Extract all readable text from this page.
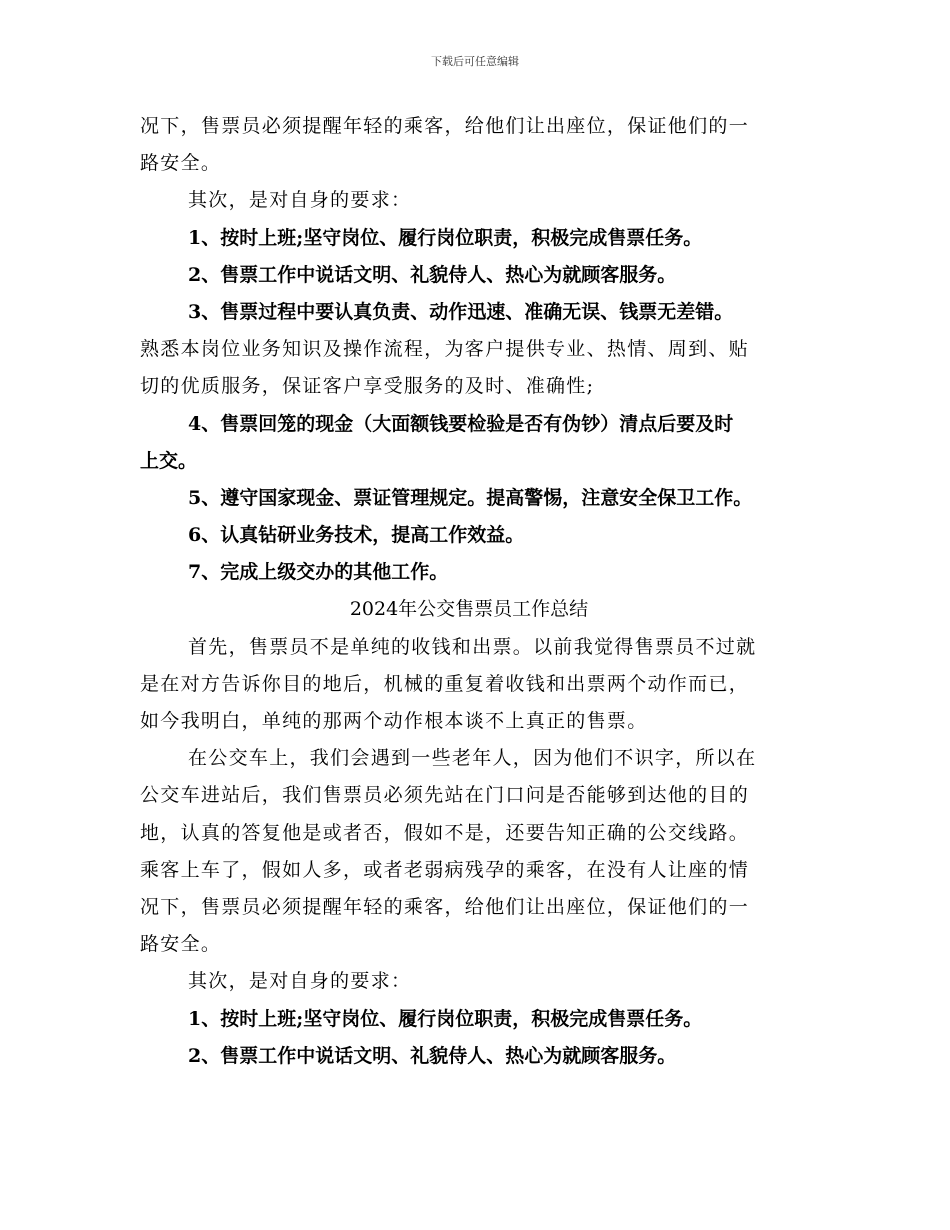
下载后可任意编辑
况下，售票员必须提醒年轻的乘客，给他们让出座位，保证他们的一
路安全。
其次，是对自身的要求：
1、按时上班;坚守岗位、履行岗位职责，积极完成售票任务。
2、售票工作中说话文明、礼貌侍人、热心为就顾客服务。
3、售票过程中要认真负责、动作迅速、准确无误、钱票无差错。
熟悉本岗位业务知识及操作流程，为客户提供专业、热情、周到、贴
切的优质服务，保证客户享受服务的及时、准确性;
4、售票回笼的现金（大面额钱要检验是否有伪钞）清点后要及时
上交。
5、遵守国家现金、票证管理规定。提高警惕，注意安全保卫工作。
6、认真钻研业务技术，提高工作效益。
7、完成上级交办的其他工作。
2024年公交售票员工作总结
首先，售票员不是单纯的收钱和出票。以前我觉得售票员不过就
是在对方告诉你目的地后，机械的重复着收钱和出票两个动作而已，
如今我明白，单纯的那两个动作根本谈不上真正的售票。
在公交车上，我们会遇到一些老年人，因为他们不识字，所以在
公交车进站后，我们售票员必须先站在门口问是否能够到达他的目的
地，认真的答复他是或者否，假如不是，还要告知正确的公交线路。
乘客上车了，假如人多，或者老弱病残孕的乘客，在没有人让座的情
况下，售票员必须提醒年轻的乘客，给他们让出座位，保证他们的一
路安全。
其次，是对自身的要求：
1、按时上班;坚守岗位、履行岗位职责，积极完成售票任务。
2、售票工作中说话文明、礼貌侍人、热心为就顾客服务。
